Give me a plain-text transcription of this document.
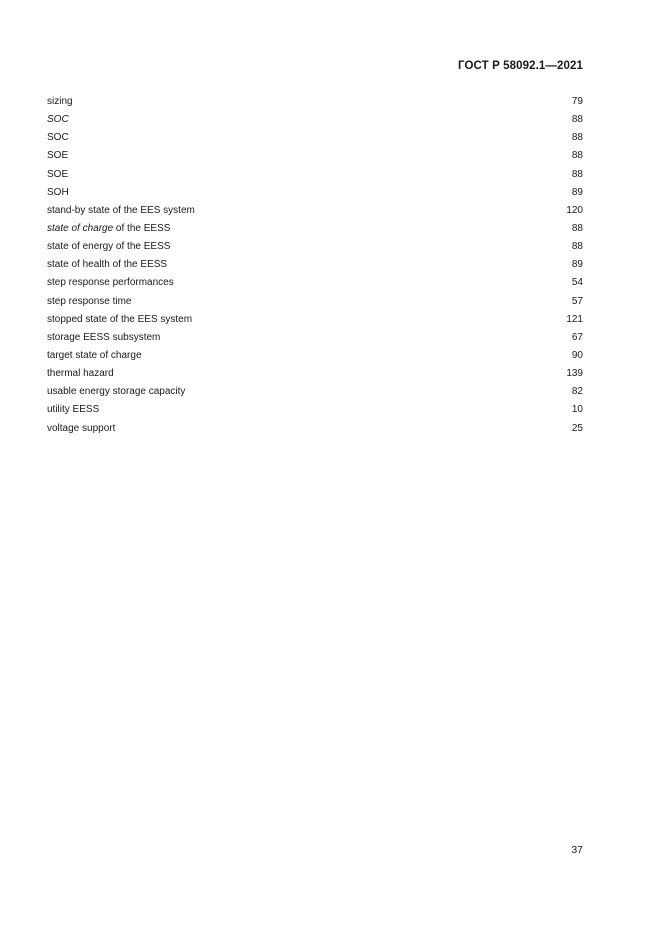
ГОСТ Р 58092.1—2021
sizing	79
SOC	88
SOC	88
SOE	88
SOE	88
SOH	89
stand-by state of the EES system	120
state of charge of the EESS	88
state of energy of the EESS	88
state of health of the EESS	89
step response performances	54
step response time	57
stopped state of the EES system	121
storage EESS subsystem	67
target state of charge	90
thermal hazard	139
usable energy storage capacity	82
utility EESS	10
voltage support	25
37
